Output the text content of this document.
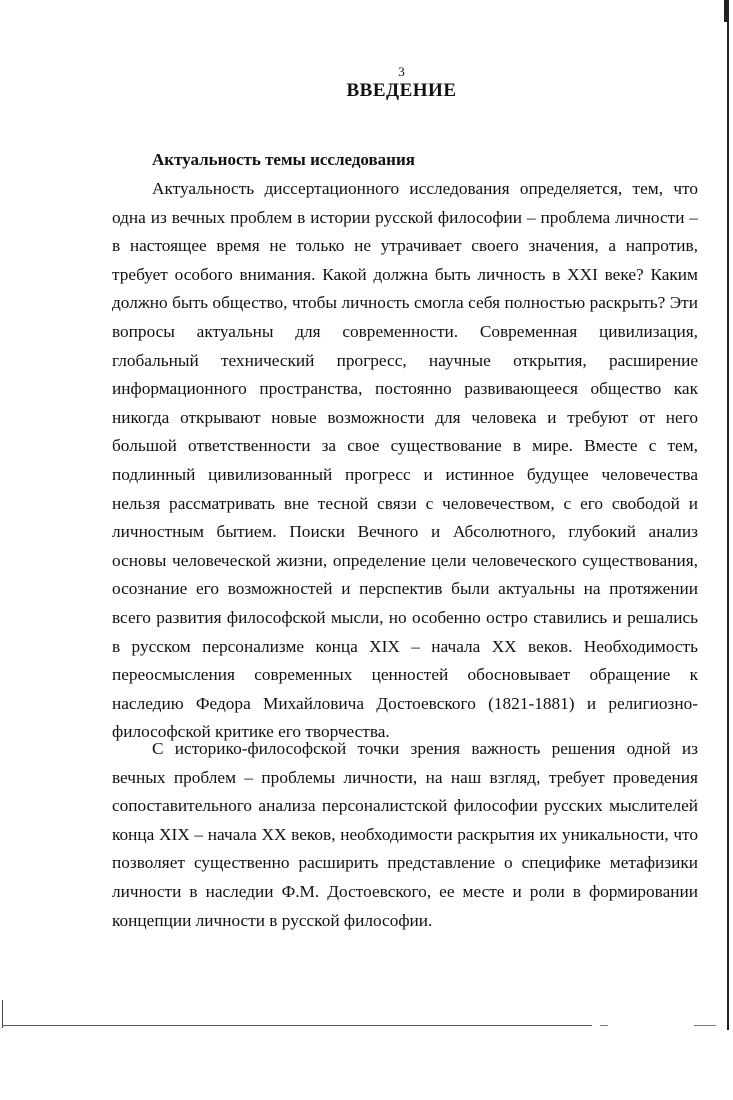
3
ВВЕДЕНИЕ
Актуальность темы исследования

Актуальность диссертационного исследования определяется, тем, что одна из вечных проблем в истории русской философии – проблема личности – в настоящее время не только не утрачивает своего значения, а напротив, требует особого внимания. Какой должна быть личность в XXI веке? Каким должно быть общество, чтобы личность смогла себя полностью раскрыть? Эти вопросы актуальны для современности. Современная цивилизация, глобальный технический прогресс, научные открытия, расширение информационного пространства, постоянно развивающееся общество как никогда открывают новые возможности для человека и требуют от него большой ответственности за свое существование в мире. Вместе с тем, подлинный цивилизованный прогресс и истинное будущее человечества нельзя рассматривать вне тесной связи с человечеством, с его свободой и личностным бытием. Поиски Вечного и Абсолютного, глубокий анализ основы человеческой жизни, определение цели человеческого существования, осознание его возможностей и перспектив были актуальны на протяжении всего развития философской мысли, но особенно остро ставились и решались в русском персонализме конца XIX – начала XX веков. Необходимость переосмысления современных ценностей обосновывает обращение к наследию Федора Михайловича Достоевского (1821-1881) и религиозно-философской критике его творчества.

С историко-философской точки зрения важность решения одной из вечных проблем – проблемы личности, на наш взгляд, требует проведения сопоставительного анализа персоналистской философии русских мыслителей конца XIX – начала XX веков, необходимости раскрытия их уникальности, что позволяет существенно расширить представление о специфике метафизики личности в наследии Ф.М. Достоевского, ее месте и роли в формировании концепции личности в русской философии.
